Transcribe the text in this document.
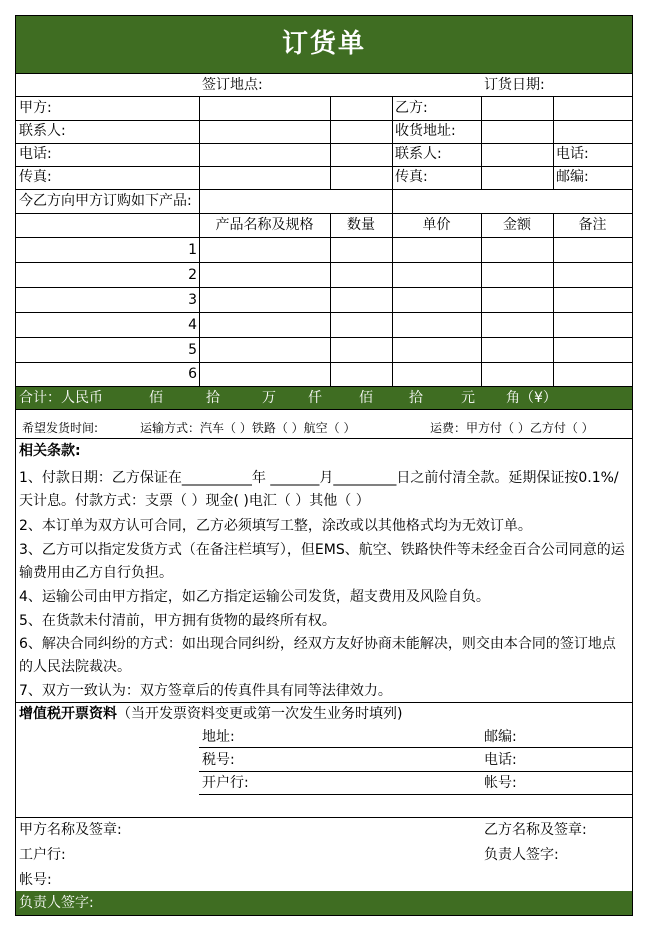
订货单
签订地点:	订货日期:
甲方:	乙方:
联系人:	收货地址:
电话:	联系人:	电话:
传真:	传真:	邮编:
今乙方向甲方订购如下产品:
产品名称及规格	数量	单价	金额	备注
1
2
3
4
5
6
合计：人民币	佰	拾	万 仟	佰	拾	元 角（¥）
希望发货时间:	运输方式：汽车（ ）铁路（ ）航空（ ）	运费：甲方付（ ）乙方付（ ）
相关条款:
1、付款日期：乙方保证在__________年 _______月_________日之前付清全款。延期保证按0.1%/天计息。付款方式：支票（ ）现金( )电汇（ ）其他（ ）
2、本订单为双方认可合同，乙方必须填写工整，涂改或以其他格式均为无效订单。
3、乙方可以指定发货方式（在备注栏填写），但EMS、航空、铁路快件等未经金百合公司同意的运输费用由乙方自行负担。
4、运输公司由甲方指定，如乙方指定运输公司发货，超支费用及风险自负。
5、在货款未付清前，甲方拥有货物的最终所有权。
6、解决合同纠纷的方式：如出现合同纠纷，经双方友好协商未能解决，则交由本合同的签订地点的人民法院裁决。
7、双方一致认为：双方签章后的传真件具有同等法律效力。
增值税开票资料（当开发票资料变更或第一次发生业务时填列)
地址:	邮编:
税号:	电话:
开户行:	帐号:
甲方名称及签章:	乙方名称及签章:
工户行:	负责人签字:
帐号:
负责人签字:
